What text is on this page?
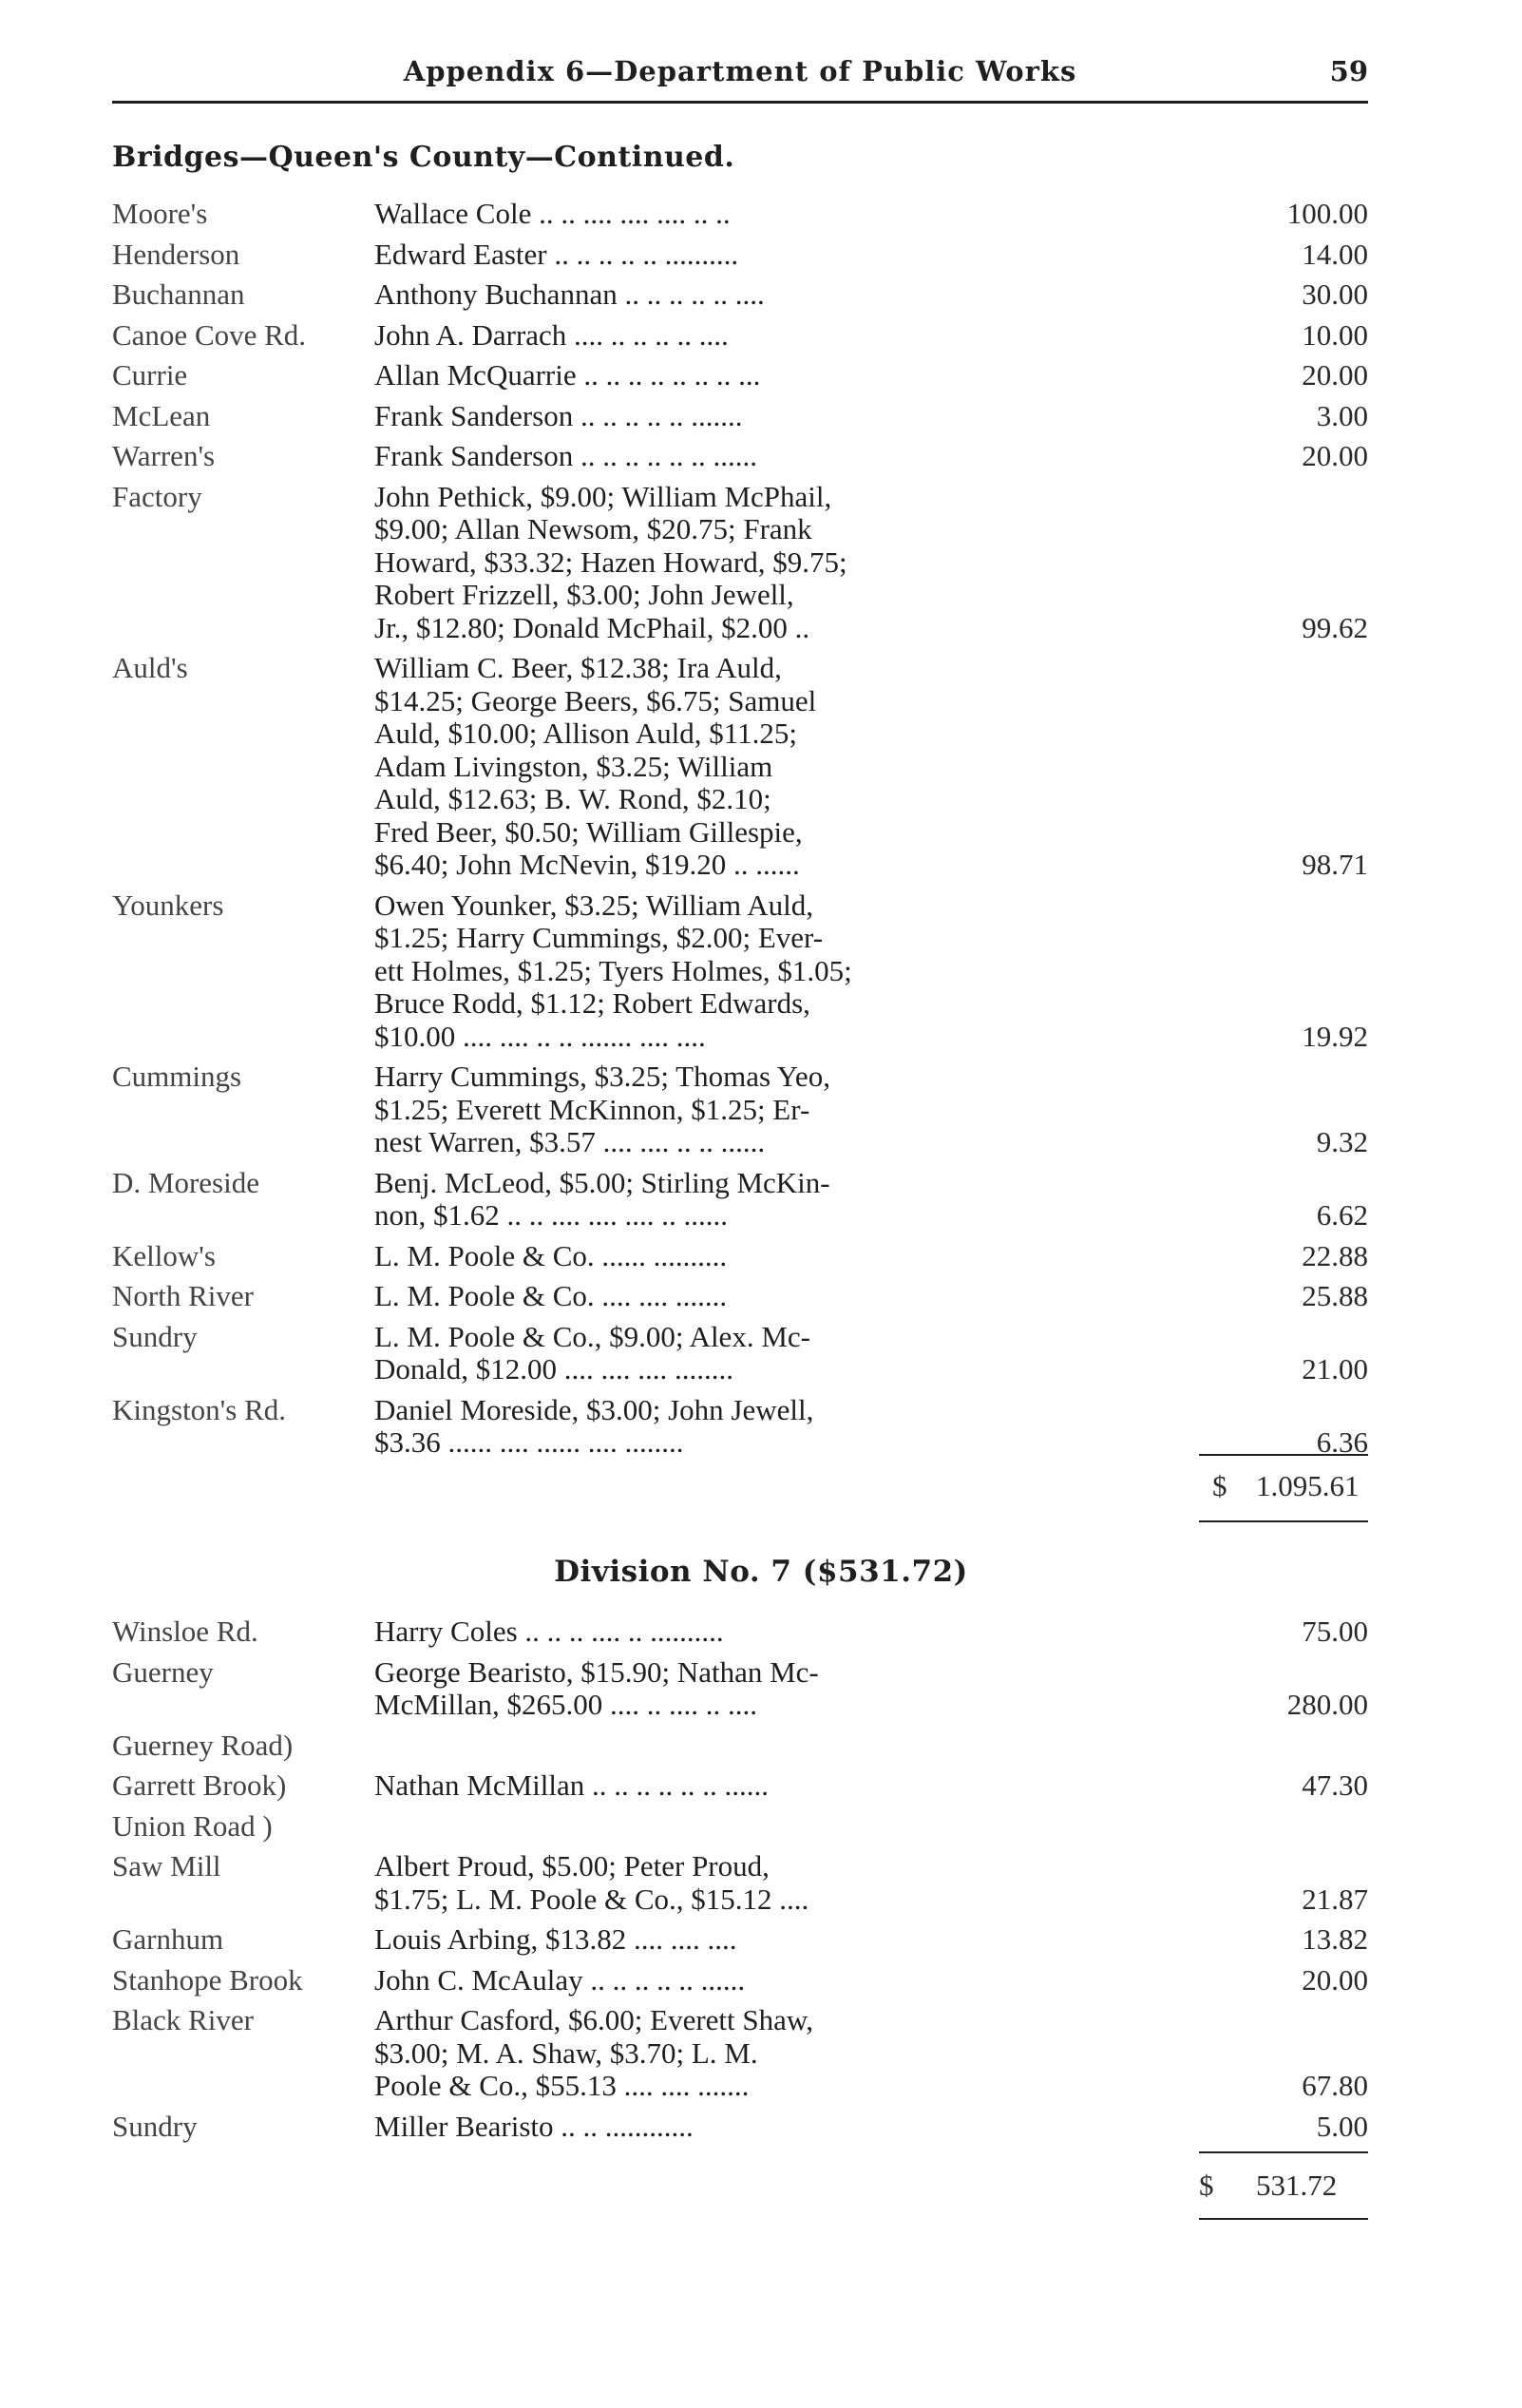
Appendix 6—Department of Public Works	59
Bridges—Queen's County—Continued.
Moore's	Wallace Cole .. .. .... .... .... .. ..	100.00
Henderson	Edward Easter .. .. .. .. .. ..........	14.00
Buchannan	Anthony Buchannan .. .. .. .. .. ....	30.00
Canoe Cove Rd.	John A. Darrach .... .. .. .. .. ....	10.00
Currie	Allan McQuarrie .. .. .. .. .. .. .. ...	20.00
McLean	Frank Sanderson .. .. .. .. .. .......	3.00
Warren's	Frank Sanderson .. .. .. .. .. .. ......	20.00
Factory	John Pethick, $9.00; William McPhail,
$9.00; Allan Newsom, $20.75; Frank
Howard, $33.32; Hazen Howard, $9.75;
Robert Frizzell, $3.00; John Jewell,
Jr., $12.80; Donald McPhail, $2.00 ..	99.62
Auld's	William C. Beer, $12.38; Ira Auld,
$14.25; George Beers, $6.75; Samuel
Auld, $10.00; Allison Auld, $11.25;
Adam Livingston, $3.25; William
Auld, $12.63; B. W. Rond, $2.10;
Fred Beer, $0.50; William Gillespie,
$6.40; John McNevin, $19.20 .. ......	98.71
Younkers	Owen Younker, $3.25; William Auld,
$1.25; Harry Cummings, $2.00; Ever-
ett Holmes, $1.25; Tyers Holmes, $1.05;
Bruce Rodd, $1.12; Robert Edwards,
$10.00 .... .... .. .. ....... .... ....	19.92
Cummings	Harry Cummings, $3.25; Thomas Yeo,
$1.25; Everett McKinnon, $1.25; Er-
nest Warren, $3.57 .... .... .. .. ......	9.32
D. Moreside	Benj. McLeod, $5.00; Stirling McKin-
non, $1.62 .. .. .... .... .... .. ......	6.62
Kellow's	L. M. Poole & Co. ...... ..........	22.88
North River	L. M. Poole & Co. .... .... .......	25.88
Sundry	L. M. Poole & Co., $9.00; Alex. Mc-
Donald, $12.00 .... .... .... ........	21.00
Kingston's Rd.	Daniel Moreside, $3.00; John Jewell,
$3.36 ...... .... ...... .... ........	6.36
$ 1.095.61
Division No. 7 ($531.72)
Winsloe Rd.	Harry Coles .. .. .. .... .. ..........	75.00
Guerney	George Bearisto, $15.90; Nathan Mc-
McMillan, $265.00 .... .. .... .. ....	280.00
Guerney Road)
Garrett Brook)	Nathan McMillan .. .. .. .. .. .. ......	47.30
Union Road )
Saw Mill	Albert Proud, $5.00; Peter Proud,
$1.75; L. M. Poole & Co., $15.12 ....	21.87
Garnhum	Louis Arbing, $13.82 .... .... ....	13.82
Stanhope Brook	John C. McAulay .. .. .. .. .. ......	20.00
Black River	Arthur Casford, $6.00; Everett Shaw,
$3.00; M. A. Shaw, $3.70; L. M.
Poole & Co., $55.13 .... .... .......	67.80
Sundry	Miller Bearisto .. .. ............	5.00
$ 531.72
